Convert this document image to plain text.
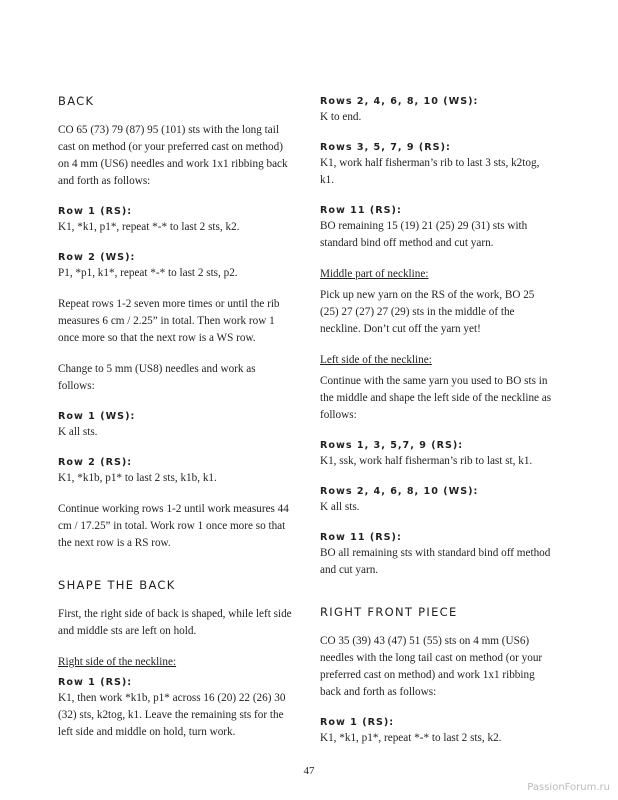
BACK

CO 65 (73) 79 (87) 95 (101) sts with the long tail cast on method (or your preferred cast on method) on 4 mm (US6) needles and work 1x1 ribbing back and forth as follows:

Row 1 (RS):

K1, *k1, p1*, repeat *-* to last 2 sts, k2.

Row 2 (WS):

P1, *p1, k1*, repeat *-* to last 2 sts, p2.

Repeat rows 1-2 seven more times or until the rib measures 6 cm / 2.25” in total. Then work row 1 once more so that the next row is a WS row.

Change to 5 mm (US8) needles and work as follows:

Row 1 (WS):

K all sts.

Row 2 (RS):

K1, *k1b, p1* to last 2 sts, k1b, k1.

Continue working rows 1-2 until work measures 44 cm / 17.25” in total. Work row 1 once more so that the next row is a RS row.

SHAPE THE BACK

First, the right side of back is shaped, while left side and middle sts are left on hold.

Right side of the neckline:

Row 1 (RS):

K1, then work *k1b, p1* across 16 (20) 22 (26) 30 (32) sts, k2tog, k1. Leave the remaining sts for the left side and middle on hold, turn work.

Rows 2, 4, 6, 8, 10 (WS):

K to end.

Rows 3, 5, 7, 9 (RS):

K1, work half fisherman’s rib to last 3 sts, k2tog, k1.

Row 11 (RS):

BO remaining 15 (19) 21 (25) 29 (31) sts with standard bind off method and cut yarn.

Middle part of neckline:

Pick up new yarn on the RS of the work, BO 25 (25) 27 (27) 27 (29) sts in the middle of the neckline. Don’t cut off the yarn yet!

Left side of the neckline:

Continue with the same yarn you used to BO sts in the middle and shape the left side of the neckline as follows:

Rows 1, 3, 5,7, 9 (RS):

K1, ssk, work half fisherman’s rib to last st, k1.

Rows 2, 4, 6, 8, 10 (WS):

K all sts.

Row 11 (RS):

BO all remaining sts with standard bind off method and cut yarn.

RIGHT FRONT PIECE

CO 35 (39) 43 (47) 51 (55) sts on 4 mm (US6) needles with the long tail cast on method (or your preferred cast on method) and work 1x1 ribbing back and forth as follows:

Row 1 (RS):

K1, *k1, p1*, repeat *-* to last 2 sts, k2.

47
PassionForum.ru
